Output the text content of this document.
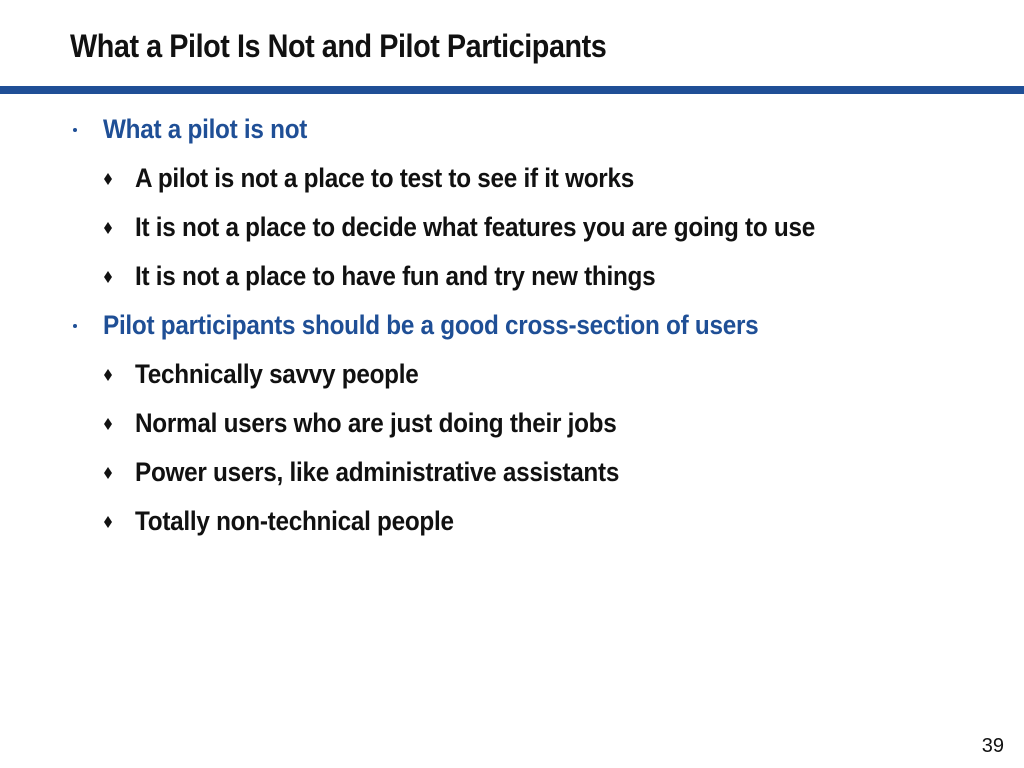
What a Pilot Is Not and Pilot Participants
What a pilot is not
A pilot is not a place to test to see if it works
It is not a place to decide what features you are going to use
It is not a place to have fun and try new things
Pilot participants should be a good cross-section of users
Technically savvy people
Normal users who are just doing their jobs
Power users, like administrative assistants
Totally non-technical people
39
